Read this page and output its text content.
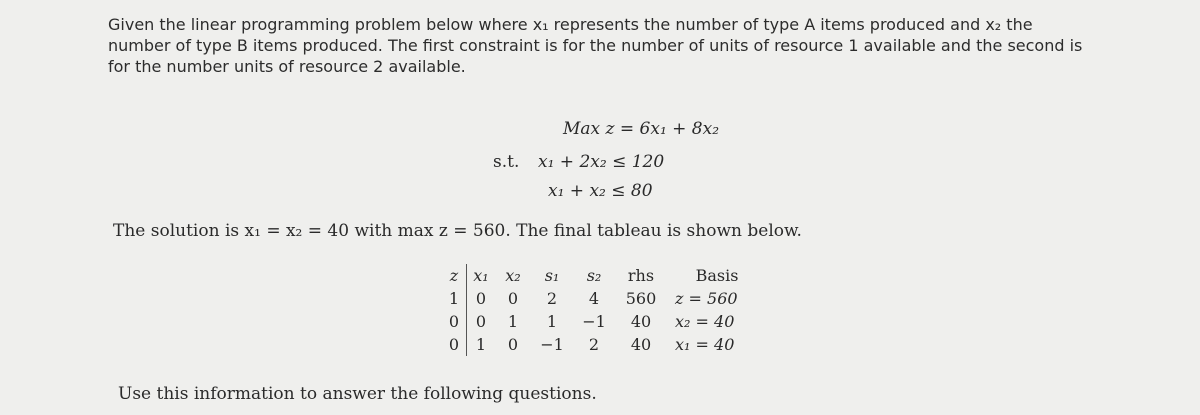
Given the linear programming problem below where x₁ represents the number of type A items produced and x₂ the number of type B items produced. The first constraint is for the number of units of resource 1 available and the second is for the number units of resource 2 available.

Max z = 6x₁ + 8x₂
s.t. x₁ + 2x₂ ≤ 120
x₁ + x₂ ≤ 80
The solution is x₁ = x₂ = 40 with max z = 560. The final tableau is shown below.
z	x₁	x₂	s₁	s₂	rhs	Basis
1	0	0	2	4	560	z = 560
0	0	1	1	−1	40	x₂ = 40
0	1	0	−1	2	40	x₁ = 40
Use this information to answer the following questions.
